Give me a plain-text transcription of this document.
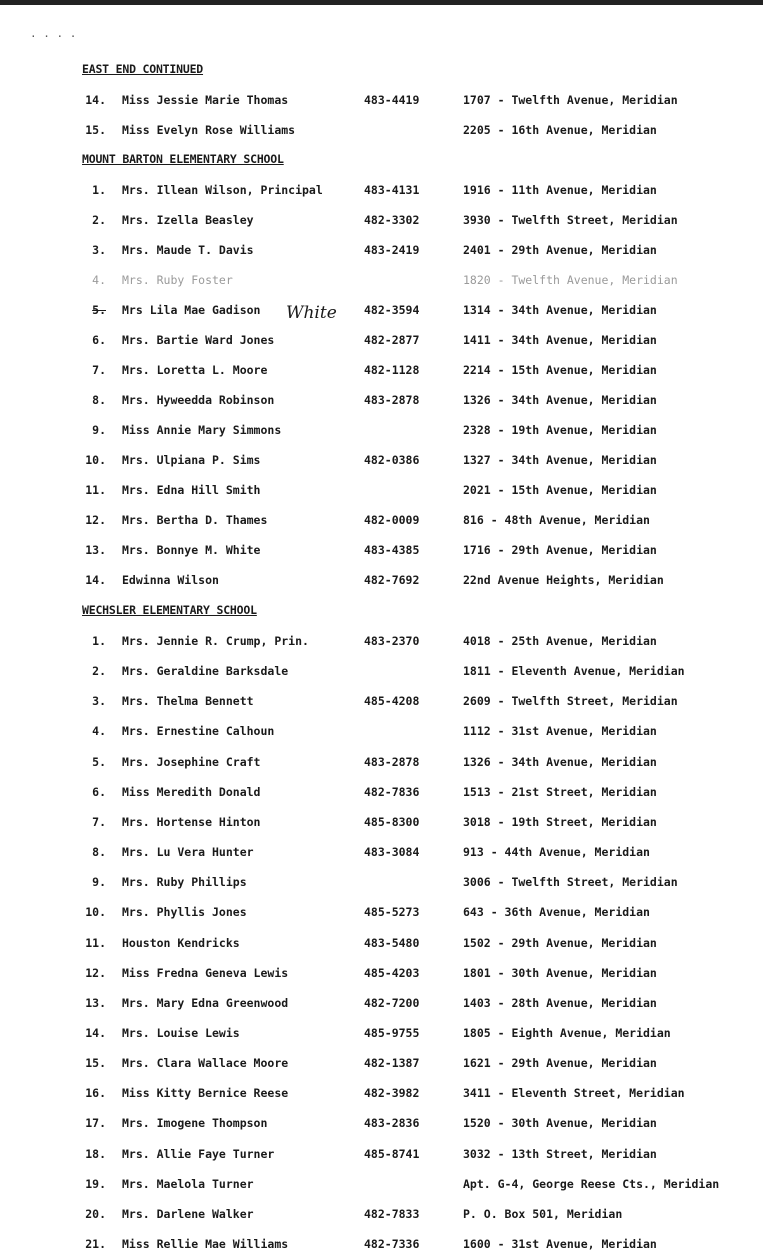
· · · ·
EAST END CONTINUED
MOUNT BARTON ELEMENTARY SCHOOL
WECHSLER ELEMENTARY SCHOOL
14. Miss Jessie Marie Thomas	483-4419	1707 - Twelfth Avenue, Meridian
15. Miss Evelyn Rose Williams	2205 - 16th Avenue, Meridian
1. Mrs. Illean Wilson, Principal	483-4131	1916 - 11th Avenue, Meridian
2. Mrs. Izella Beasley	482-3302	3930 - Twelfth Street, Meridian
3. Mrs. Maude T. Davis	483-2419	2401 - 29th Avenue, Meridian
4. Mrs. Ruby Foster	1820 - Twelfth Avenue, Meridian
5. Mrs Lila Mae Gadison	482-3594	1314 - 34th Avenue, Meridian
White
6. Mrs. Bartie Ward Jones	482-2877	1411 - 34th Avenue, Meridian
7. Mrs. Loretta L. Moore	482-1128	2214 - 15th Avenue, Meridian
8. Mrs. Hyweedda Robinson	483-2878	1326 - 34th Avenue, Meridian
9. Miss Annie Mary Simmons	2328 - 19th Avenue, Meridian
10. Mrs. Ulpiana P. Sims	482-0386	1327 - 34th Avenue, Meridian
11. Mrs. Edna Hill Smith	2021 - 15th Avenue, Meridian
12. Mrs. Bertha D. Thames	482-0009	816 - 48th Avenue, Meridian
13. Mrs. Bonnye M. White	483-4385	1716 - 29th Avenue, Meridian
14. Edwinna Wilson	482-7692	22nd Avenue Heights, Meridian
1. Mrs. Jennie R. Crump, Prin.	483-2370	4018 - 25th Avenue, Meridian
2. Mrs. Geraldine Barksdale	1811 - Eleventh Avenue, Meridian
3. Mrs. Thelma Bennett	485-4208	2609 - Twelfth Street, Meridian
4. Mrs. Ernestine Calhoun	1112 - 31st Avenue, Meridian
5. Mrs. Josephine Craft	483-2878	1326 - 34th Avenue, Meridian
6. Miss Meredith Donald	482-7836	1513 - 21st Street, Meridian
7. Mrs. Hortense Hinton	485-8300	3018 - 19th Street, Meridian
8. Mrs. Lu Vera Hunter	483-3084	913 - 44th Avenue, Meridian
9. Mrs. Ruby Phillips	3006 - Twelfth Street, Meridian
10. Mrs. Phyllis Jones	485-5273	643 - 36th Avenue, Meridian
11. Houston Kendricks	483-5480	1502 - 29th Avenue, Meridian
12. Miss Fredna Geneva Lewis	485-4203	1801 - 30th Avenue, Meridian
13. Mrs. Mary Edna Greenwood	482-7200	1403 - 28th Avenue, Meridian
14. Mrs. Louise Lewis	485-9755	1805 - Eighth Avenue, Meridian
15. Mrs. Clara Wallace Moore	482-1387	1621 - 29th Avenue, Meridian
16. Miss Kitty Bernice Reese	482-3982	3411 - Eleventh Street, Meridian
17. Mrs. Imogene Thompson	483-2836	1520 - 30th Avenue, Meridian
18. Mrs. Allie Faye Turner	485-8741	3032 - 13th Street, Meridian
19. Mrs. Maelola Turner	Apt. G-4, George Reese Cts., Meridian
20. Mrs. Darlene Walker	482-7833	P. O. Box 501, Meridian
21. Miss Rellie Mae Williams	482-7336	1600 - 31st Avenue, Meridian
